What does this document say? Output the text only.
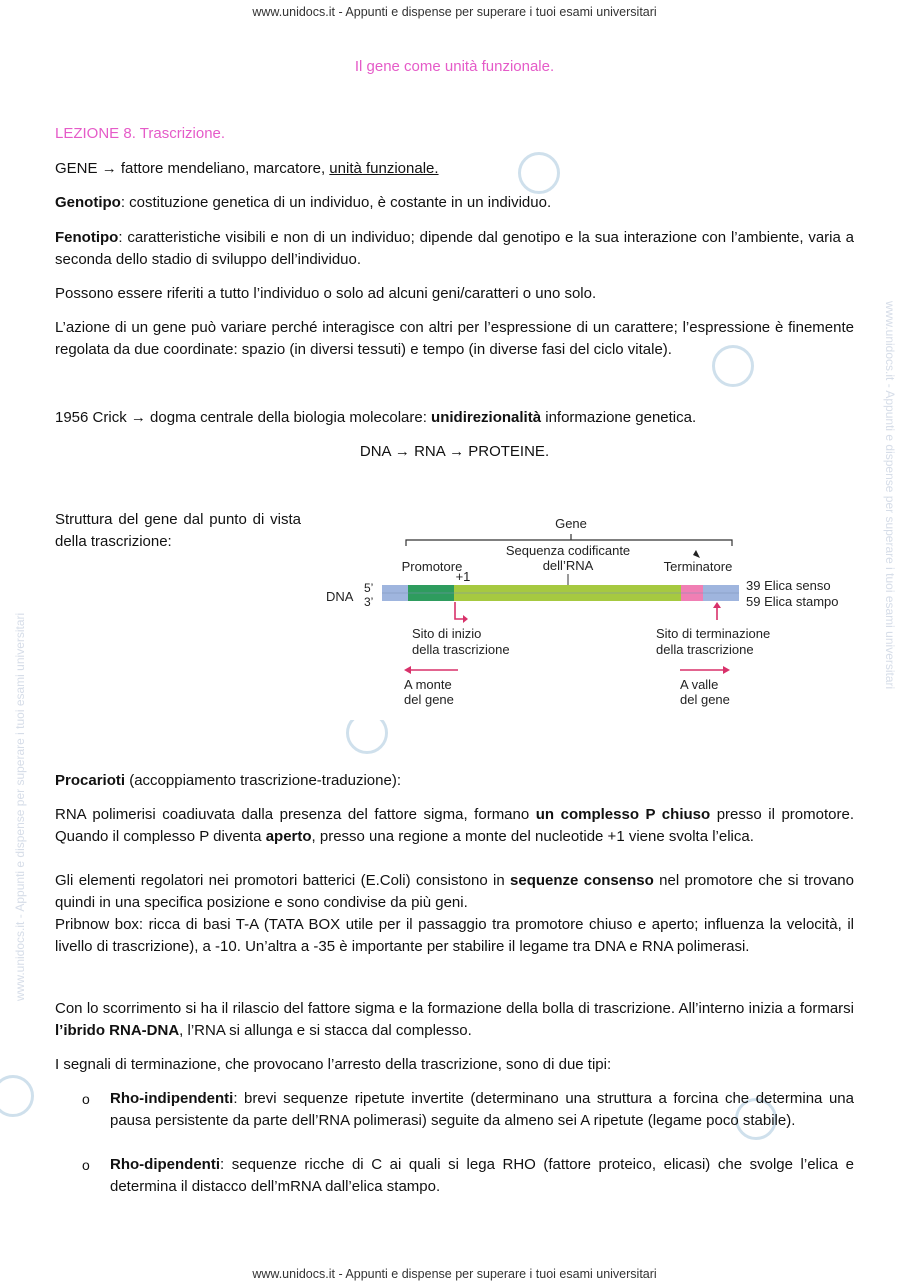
www.unidocs.it - Appunti e dispense per superare i tuoi esami universitari
www.unidocs.it - Appunti e dispense per superare i tuoi esami universitari
www.unidocs.it - Appunti e dispense per superare i tuoi esami universitari
Il gene come unità funzionale.

LEZIONE 8. Trascrizione.

GENE → fattore mendeliano, marcatore, unità funzionale.

Genotipo: costituzione genetica di un individuo, è costante in un individuo.

Fenotipo: caratteristiche visibili e non di un individuo; dipende dal genotipo e la sua interazione con l’ambiente, varia a seconda dello stadio di sviluppo dell’individuo.

Possono essere riferiti a tutto l’individuo o solo ad alcuni geni/caratteri o uno solo.

L’azione di un gene può variare perché interagisce con altri per l’espressione di un carattere; l’espressione è finemente regolata da due coordinate: spazio (in diversi tessuti) e tempo (in diverse fasi del ciclo vitale).

1956 Crick → dogma centrale della biologia molecolare: unidirezionalità informazione genetica.

DNA → RNA → PROTEINE.

Struttura del gene dal punto di vista della trascrizione:

Gene
Sequenza codificante
dell’RNA
Promotore
+1
Terminatore
DNA
5’
3’
39 Elica senso
59 Elica stampo
Sito di inizio
della trascrizione
Sito di terminazione
della trascrizione
A monte
del gene
A valle
del gene

Procarioti (accoppiamento trascrizione-traduzione):

RNA polimerisi coadiuvata dalla presenza del fattore sigma, formano un complesso P chiuso presso il promotore. Quando il complesso P diventa aperto, presso una regione a monte del nucleotide +1 viene svolta l’elica.

Gli elementi regolatori nei promotori batterici (E.Coli) consistono in sequenze consenso nel promotore che si trovano quindi in una specifica posizione e sono condivise da più geni.

Pribnow box: ricca di basi T-A (TATA BOX utile per il passaggio tra promotore chiuso e aperto; influenza la velocità, il livello di trascrizione), a -10. Un’altra a -35 è importante per stabilire il legame tra DNA e RNA polimerasi.

Con lo scorrimento si ha il rilascio del fattore sigma e la formazione della bolla di trascrizione. All’interno inizia a formarsi l’ibrido RNA-DNA, l’RNA si allunga e si stacca dal complesso.

I segnali di terminazione, che provocano l’arresto della trascrizione, sono di due tipi:

o Rho-indipendenti: brevi sequenze ripetute invertite (determinano una struttura a forcina che determina una pausa persistente da parte dell’RNA polimerasi) seguite da almeno sei A ripetute (legame poco stabile).

o Rho-dipendenti: sequenze ricche di C ai quali si lega RHO (fattore proteico, elicasi) che svolge l’elica e determina il distacco dell’mRNA dall’elica stampo.

www.unidocs.it - Appunti e dispense per superare i tuoi esami universitari
